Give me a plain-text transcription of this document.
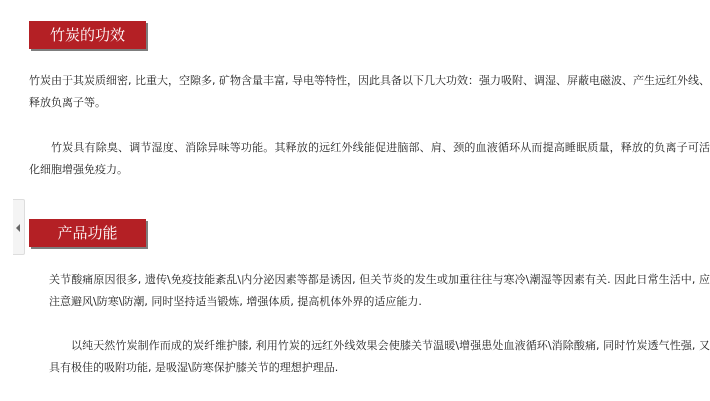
竹炭的功效

竹炭由于其炭质细密, 比重大，空隙多, 矿物含量丰富, 导电等特性，因此具备以下几大功效：强力吸附、调湿、屏蔽电磁波、产生远红外线、释放负离子等。

竹炭具有除臭、调节湿度、消除异味等功能。其释放的远红外线能促进脑部、肩、颈的血液循环从而提高睡眠质量，释放的负离子可活化细胞增强免疫力。

产品功能

关节酸痛原因很多, 遗传\免疫技能紊乱\内分泌因素等都是诱因, 但关节炎的发生或加重往往与寒冷\潮湿等因素有关. 因此日常生活中, 应注意避风\防寒\防潮, 同时坚持适当锻炼, 增强体质, 提高机体外界的适应能力.

以纯天然竹炭制作而成的炭纤维护膝, 利用竹炭的远红外线效果会使膝关节温暖\增强患处血液循环\消除酸痛, 同时竹炭透气性强, 又具有极佳的吸附功能, 是吸湿\防寒保护膝关节的理想护理品.
